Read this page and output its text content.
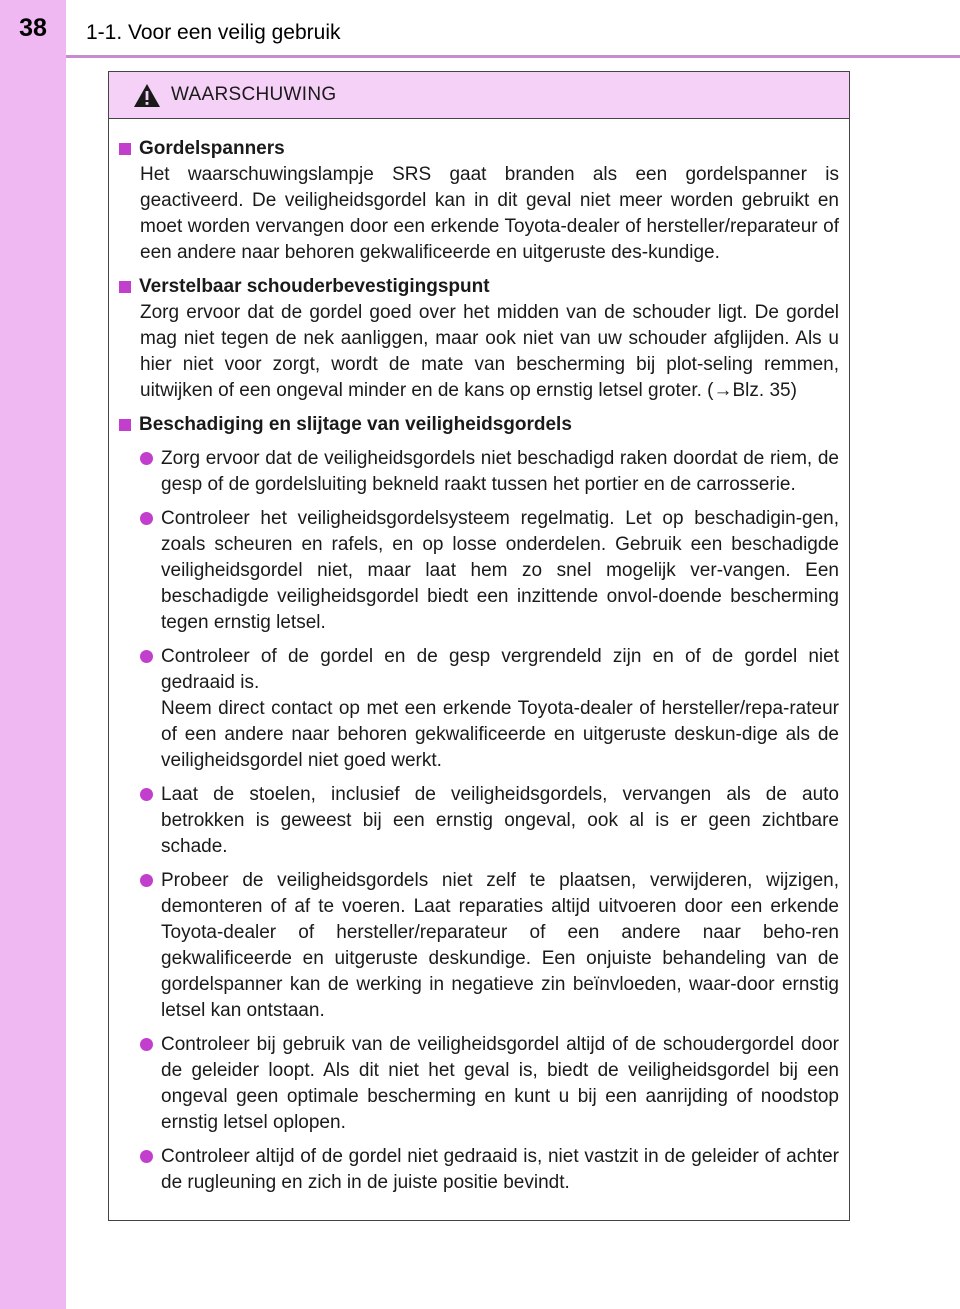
38	1-1. Voor een veilig gebruik
WAARSCHUWING
Gordelspanners
Het waarschuwingslampje SRS gaat branden als een gordelspanner is geactiveerd. De veiligheidsgordel kan in dit geval niet meer worden gebruikt en moet worden vervangen door een erkende Toyota-dealer of hersteller/reparateur of een andere naar behoren gekwalificeerde en uitgeruste des-kundige.
Verstelbaar schouderbevestigingspunt
Zorg ervoor dat de gordel goed over het midden van de schouder ligt. De gordel mag niet tegen de nek aanliggen, maar ook niet van uw schouder afglijden. Als u hier niet voor zorgt, wordt de mate van bescherming bij plot-seling remmen, uitwijken of een ongeval minder en de kans op ernstig letsel groter. (→Blz. 35)
Beschadiging en slijtage van veiligheidsgordels
Zorg ervoor dat de veiligheidsgordels niet beschadigd raken doordat de riem, de gesp of de gordelsluiting bekneld raakt tussen het portier en de carrosserie.
Controleer het veiligheidsgordelsysteem regelmatig. Let op beschadigin-gen, zoals scheuren en rafels, en op losse onderdelen. Gebruik een beschadigde veiligheidsgordel niet, maar laat hem zo snel mogelijk ver-vangen. Een beschadigde veiligheidsgordel biedt een inzittende onvol-doende bescherming tegen ernstig letsel.
Controleer of de gordel en de gesp vergrendeld zijn en of de gordel niet gedraaid is.
Neem direct contact op met een erkende Toyota-dealer of hersteller/repa-rateur of een andere naar behoren gekwalificeerde en uitgeruste deskun-dige als de veiligheidsgordel niet goed werkt.
Laat de stoelen, inclusief de veiligheidsgordels, vervangen als de auto betrokken is geweest bij een ernstig ongeval, ook al is er geen zichtbare schade.
Probeer de veiligheidsgordels niet zelf te plaatsen, verwijderen, wijzigen, demonteren of af te voeren. Laat reparaties altijd uitvoeren door een erkende Toyota-dealer of hersteller/reparateur of een andere naar beho-ren gekwalificeerde en uitgeruste deskundige. Een onjuiste behandeling van de gordelspanner kan de werking in negatieve zin beïnvloeden, waar-door ernstig letsel kan ontstaan.
Controleer bij gebruik van de veiligheidsgordel altijd of de schoudergordel door de geleider loopt. Als dit niet het geval is, biedt de veiligheidsgordel bij een ongeval geen optimale bescherming en kunt u bij een aanrijding of noodstop ernstig letsel oplopen.
Controleer altijd of de gordel niet gedraaid is, niet vastzit in de geleider of achter de rugleuning en zich in de juiste positie bevindt.
